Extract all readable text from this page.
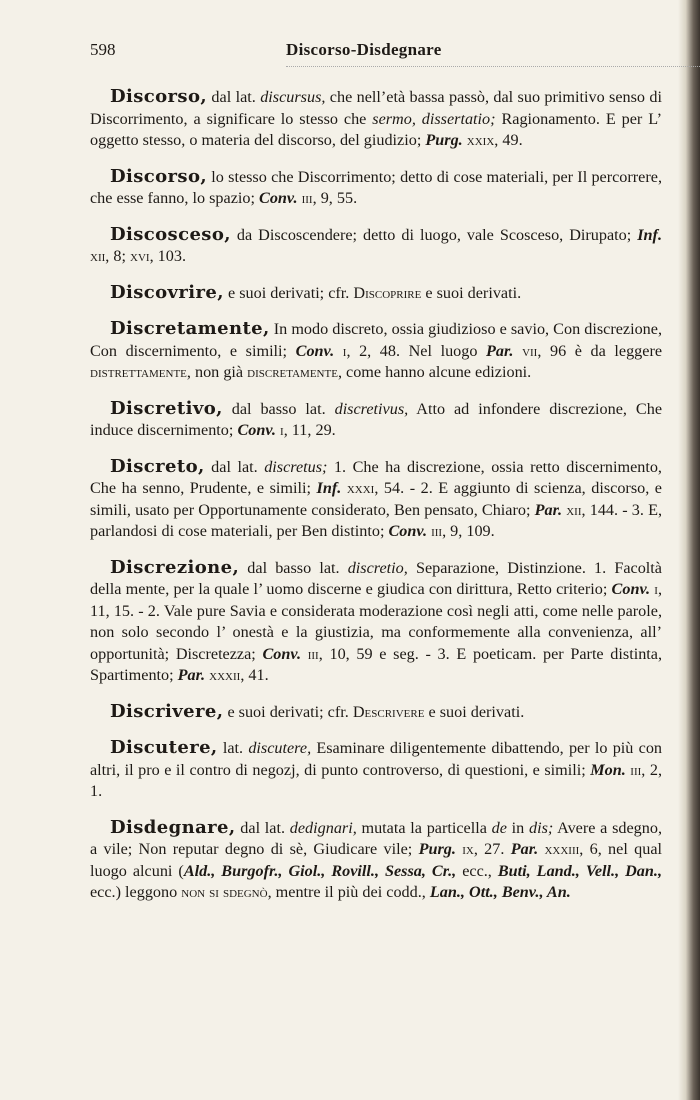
598	Discorso-Disdegnare

Discorso, dal lat. discursus, che nell’età bassa passò, dal suo primitivo senso di Discorrimento, a significare lo stesso che sermo, dissertatio; Ragionamento. E per L’ oggetto stesso, o materia del discorso, del giudizio; Purg. xxix, 49.

Discorso, lo stesso che Discorrimento; detto di cose materiali, per Il percorrere, che esse fanno, lo spazio; Conv. iii, 9, 55.

Discosceso, da Discoscendere; detto di luogo, vale Scosceso, Dirupato; Inf. xii, 8; xvi, 103.

Discovrire, e suoi derivati; cfr. Discoprire e suoi derivati.

Discretamente, In modo discreto, ossia giudizioso e savio, Con discrezione, Con discernimento, e simili; Conv. i, 2, 48. Nel luogo Par. vii, 96 è da leggere distrettamente, non già discretamente, come hanno alcune edizioni.

Discretivo, dal basso lat. discretivus, Atto ad infondere discrezione, Che induce discernimento; Conv. i, 11, 29.

Discreto, dal lat. discretus; 1. Che ha discrezione, ossia retto discernimento, Che ha senno, Prudente, e simili; Inf. xxxi, 54. - 2. E aggiunto di scienza, discorso, e simili, usato per Opportunamente considerato, Ben pensato, Chiaro; Par. xii, 144. - 3. E, parlandosi di cose materiali, per Ben distinto; Conv. iii, 9, 109.

Discrezione, dal basso lat. discretio, Separazione, Distinzione. 1. Facoltà della mente, per la quale l’ uomo discerne e giudica con dirittura, Retto criterio; Conv. i, 11, 15. - 2. Vale pure Savia e considerata moderazione così negli atti, come nelle parole, non solo secondo l’ onestà e la giustizia, ma conformemente alla convenienza, all’ opportunità; Discretezza; Conv. iii, 10, 59 e seg. - 3. E poeticam. per Parte distinta, Spartimento; Par. xxxii, 41.

Discrivere, e suoi derivati; cfr. Descrivere e suoi derivati.

Discutere, lat. discutere, Esaminare diligentemente dibattendo, per lo più con altri, il pro e il contro di negozj, di punto controverso, di questioni, e simili; Mon. iii, 2, 1.

Disdegnare, dal lat. dedignari, mutata la particella de in dis; Avere a sdegno, a vile; Non reputar degno di sè, Giudicare vile; Purg. ix, 27. Par. xxxiii, 6, nel qual luogo alcuni (Ald., Burgofr., Giol., Rovill., Sessa, Cr., ecc., Buti, Land., Vell., Dan., ecc.) leggono non si sdegnò, mentre il più dei codd., Lan., Ott., Benv., An.
